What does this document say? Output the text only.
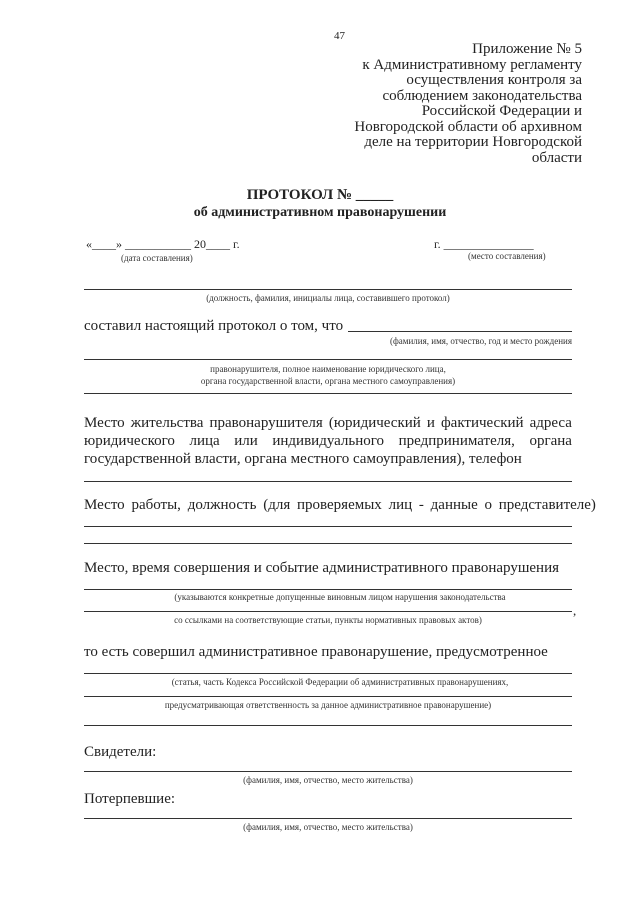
47
Приложение № 5
к Административному регламенту
осуществления контроля за
соблюдением законодательства
Российской Федерации и
Новгородской области об архивном
деле на территории Новгородской
области
ПРОТОКОЛ № _____
об административном правонарушении
«____» ___________ 20____ г.
(дата составления)
г. _______________
(место составления)
(должность, фамилия, инициалы лица, составившего протокол)
составил настоящий протокол о том, что
(фамилия, имя, отчество, год и место рождения
правонарушителя, полное наименование юридического лица,
органа государственной власти, органа местного самоуправления)
Место жительства правонарушителя (юридический и фактический адреса
юридического лица или индивидуального предпринимателя, органа
государственной власти, органа местного самоуправления), телефон
Место работы, должность (для проверяемых лиц - данные о представителе)
Место, время совершения и событие административного правонарушения
(указываются конкретные допущенные виновным лицом нарушения законодательства
,
со ссылками на соответствующие статьи, пункты нормативных правовых актов)
то есть совершил административное правонарушение, предусмотренное
(статья, часть Кодекса Российской Федерации об административных правонарушениях,
предусматривающая ответственность за данное административное правонарушение)
Свидетели:
(фамилия, имя, отчество, место жительства)
Потерпевшие:
(фамилия, имя, отчество, место жительства)
